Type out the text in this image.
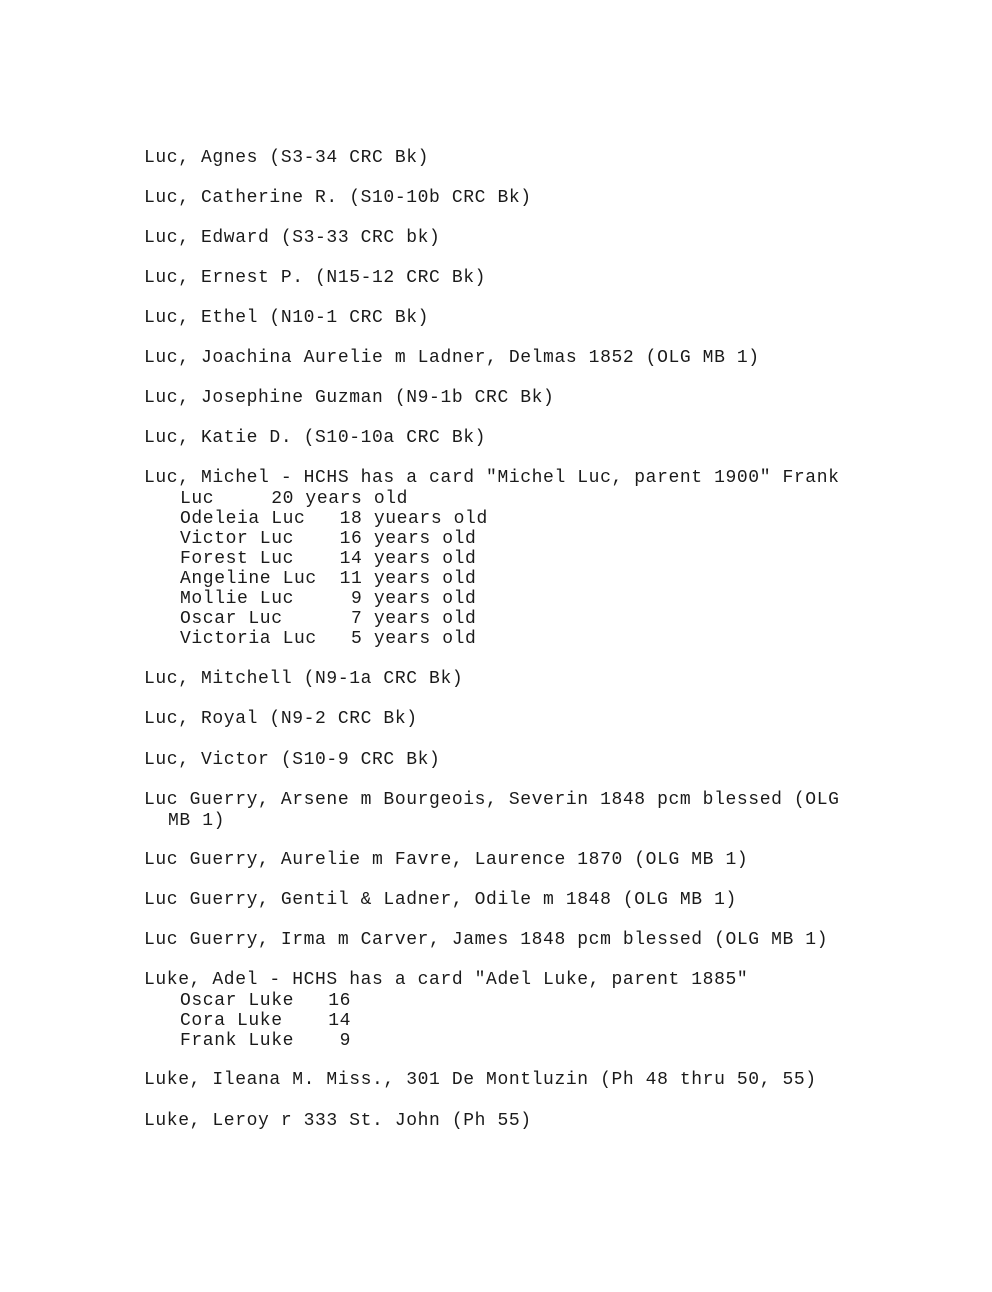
Luc, Agnes (S3-34 CRC Bk)
Luc, Catherine R. (S10-10b CRC Bk)
Luc, Edward (S3-33 CRC bk)
Luc, Ernest P. (N15-12 CRC Bk)
Luc, Ethel (N10-1 CRC Bk)
Luc, Joachina Aurelie m Ladner, Delmas 1852 (OLG MB 1)
Luc, Josephine Guzman (N9-1b CRC Bk)
Luc, Katie D. (S10-10a CRC Bk)
Luc, Michel - HCHS has a card "Michel Luc, parent 1900" Frank
Luc     20 years old
Odeleia Luc   18 yuears old
Victor Luc    16 years old
Forest Luc    14 years old
Angeline Luc  11 years old
Mollie Luc     9 years old
Oscar Luc      7 years old
Victoria Luc   5 years old
Luc, Mitchell (N9-1a CRC Bk)
Luc, Royal (N9-2 CRC Bk)
Luc, Victor (S10-9 CRC Bk)
Luc Guerry, Arsene m Bourgeois, Severin 1848 pcm blessed (OLG
MB 1)
Luc Guerry, Aurelie m Favre, Laurence 1870 (OLG MB 1)
Luc Guerry, Gentil & Ladner, Odile m 1848 (OLG MB 1)
Luc Guerry, Irma m Carver, James 1848 pcm blessed (OLG MB 1)
Luke, Adel - HCHS has a card "Adel Luke, parent 1885"
Oscar Luke   16
Cora Luke    14
Frank Luke    9
Luke, Ileana M. Miss., 301 De Montluzin (Ph 48 thru 50, 55)
Luke, Leroy r 333 St. John (Ph 55)
